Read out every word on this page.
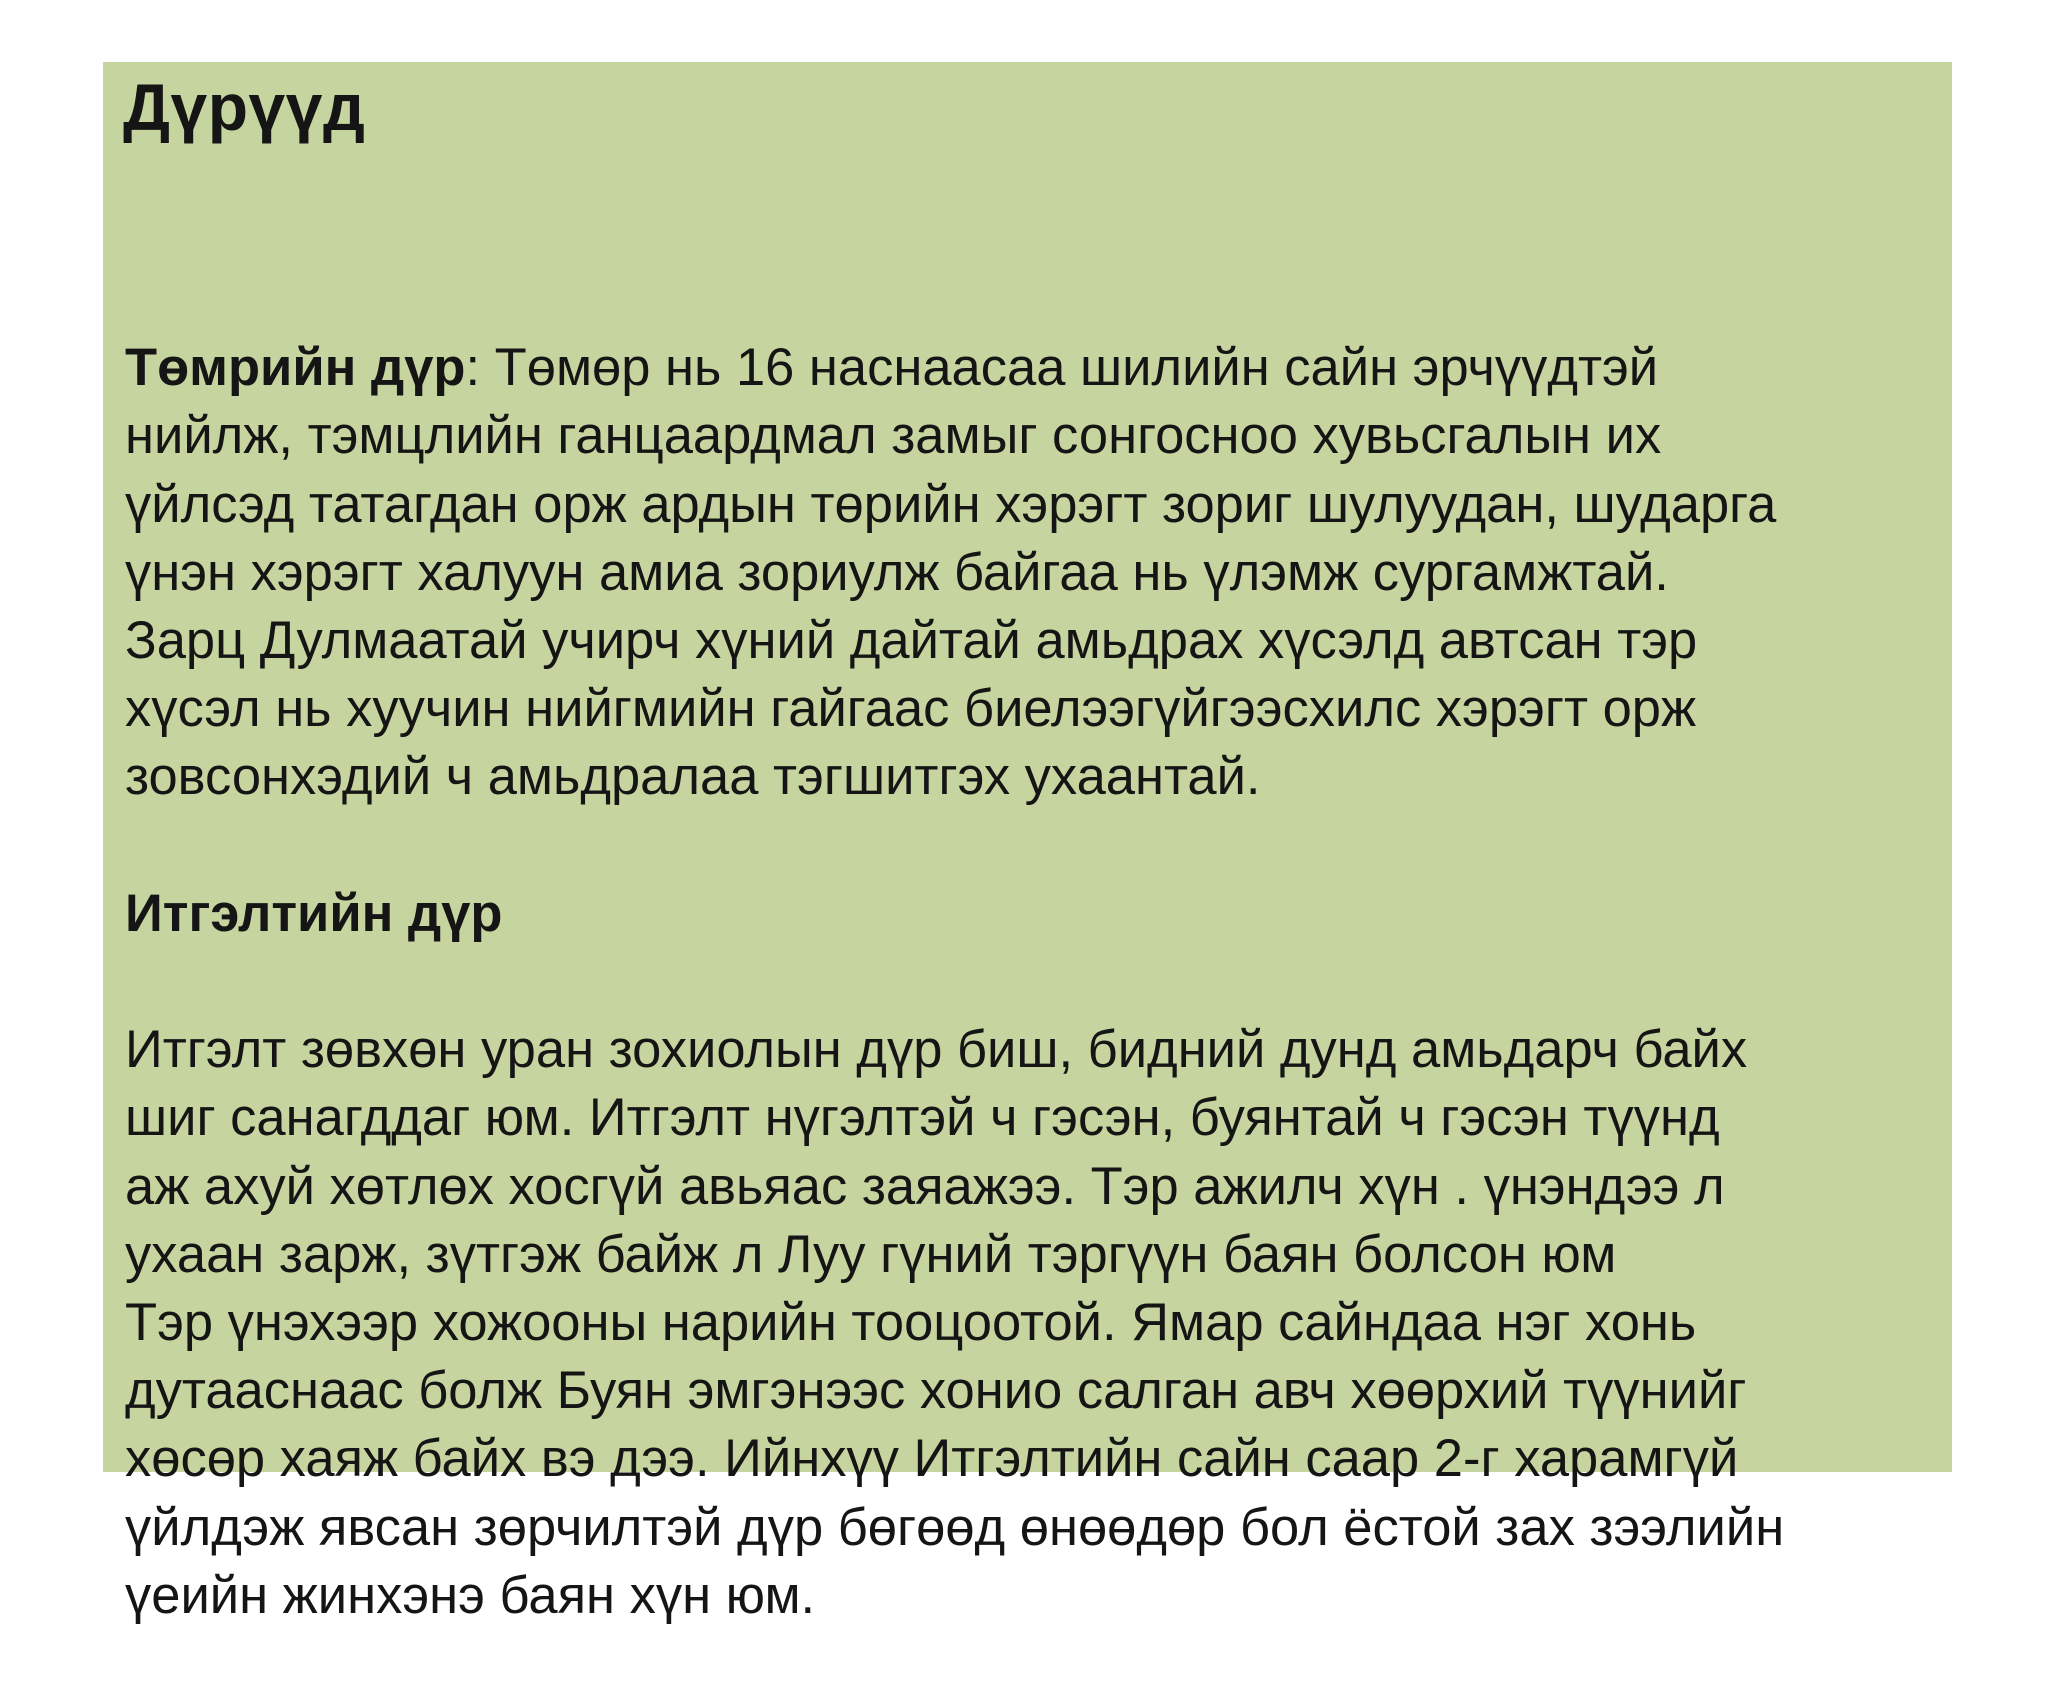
Дүрүүд

Төмрийн дүр: Төмөр нь 16 наснаасаа шилийн сайн эрчүүдтэй
нийлж, тэмцлийн ганцаардмал замыг сонгосноо хувьсгалын их
үйлсэд татагдан орж ардын төрийн хэрэгт зориг шулуудан, шударга
үнэн хэрэгт халуун амиа зориулж байгаа нь үлэмж сургамжтай.
Зарц Дулмаатай учирч хүний дайтай амьдрах хүсэлд автсан тэр
хүсэл нь хуучин нийгмийн гайгаас биелээгүйгээсхилс хэрэгт орж
зовсонхэдий ч амьдралаа тэгшитгэх ухаантай.

Итгэлтийн дүр

Итгэлт зөвхөн уран зохиолын дүр биш, бидний дунд амьдарч байх
шиг санагддаг юм. Итгэлт нүгэлтэй ч гэсэн, буянтай ч гэсэн түүнд
аж ахуй хөтлөх хосгүй авьяас заяажээ. Тэр ажилч хүн . үнэндээ л
ухаан зарж, зүтгэж байж л Луу гүний тэргүүн баян болсон юм
Тэр үнэхээр хожооны нарийн тооцоотой. Ямар сайндаа нэг хонь
дутааснаас болж Буян эмгэнээс хонио салган авч хөөрхий түүнийг
хөсөр хаяж байх вэ дээ. Ийнхүү Итгэлтийн сайн саар 2-г харамгүй
үйлдэж явсан зөрчилтэй дүр бөгөөд өнөөдөр бол ёстой зах зээлийн
үеийн жинхэнэ баян хүн юм.
